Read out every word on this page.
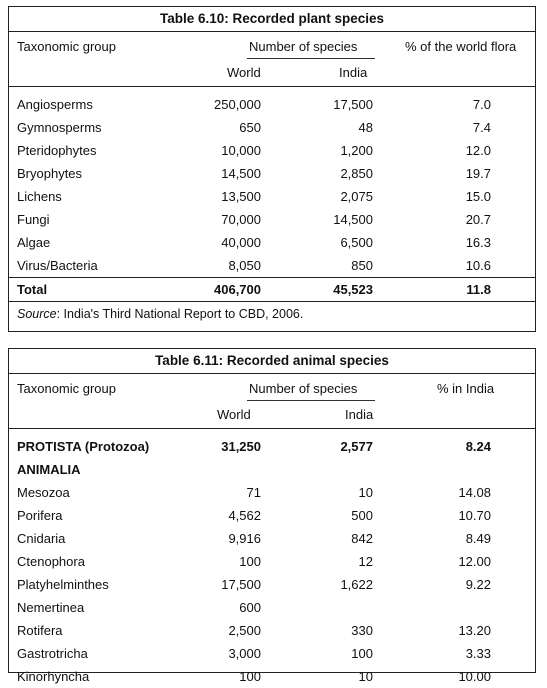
Table 6.10: Recorded plant species
Taxonomic group	Number of species
World	India
% of the world flora
Angiosperms	250,000	17,500	7.0
Gymnosperms	650	48	7.4
Pteridophytes	10,000	1,200	12.0
Bryophytes	14,500	2,850	19.7
Lichens	13,500	2,075	15.0
Fungi	70,000	14,500	20.7
Algae	40,000	6,500	16.3
Virus/Bacteria	8,050	850	10.6
Total	406,700	45,523	11.8
Source: India's Third National Report to CBD, 2006.
Table 6.11: Recorded animal species
Taxonomic group	Number of species
World	India
% in India
PROTISTA (Protozoa)	31,250	2,577	8.24
ANIMALIA
Mesozoa	71	10	14.08
Porifera	4,562	500	10.70
Cnidaria	9,916	842	8.49
Ctenophora	100	12	12.00
Platyhelminthes	17,500	1,622	9.22
Nemertinea	600
Rotifera	2,500	330	13.20
Gastrotricha	3,000	100	3.33
Kinorhyncha	100	10	10.00
